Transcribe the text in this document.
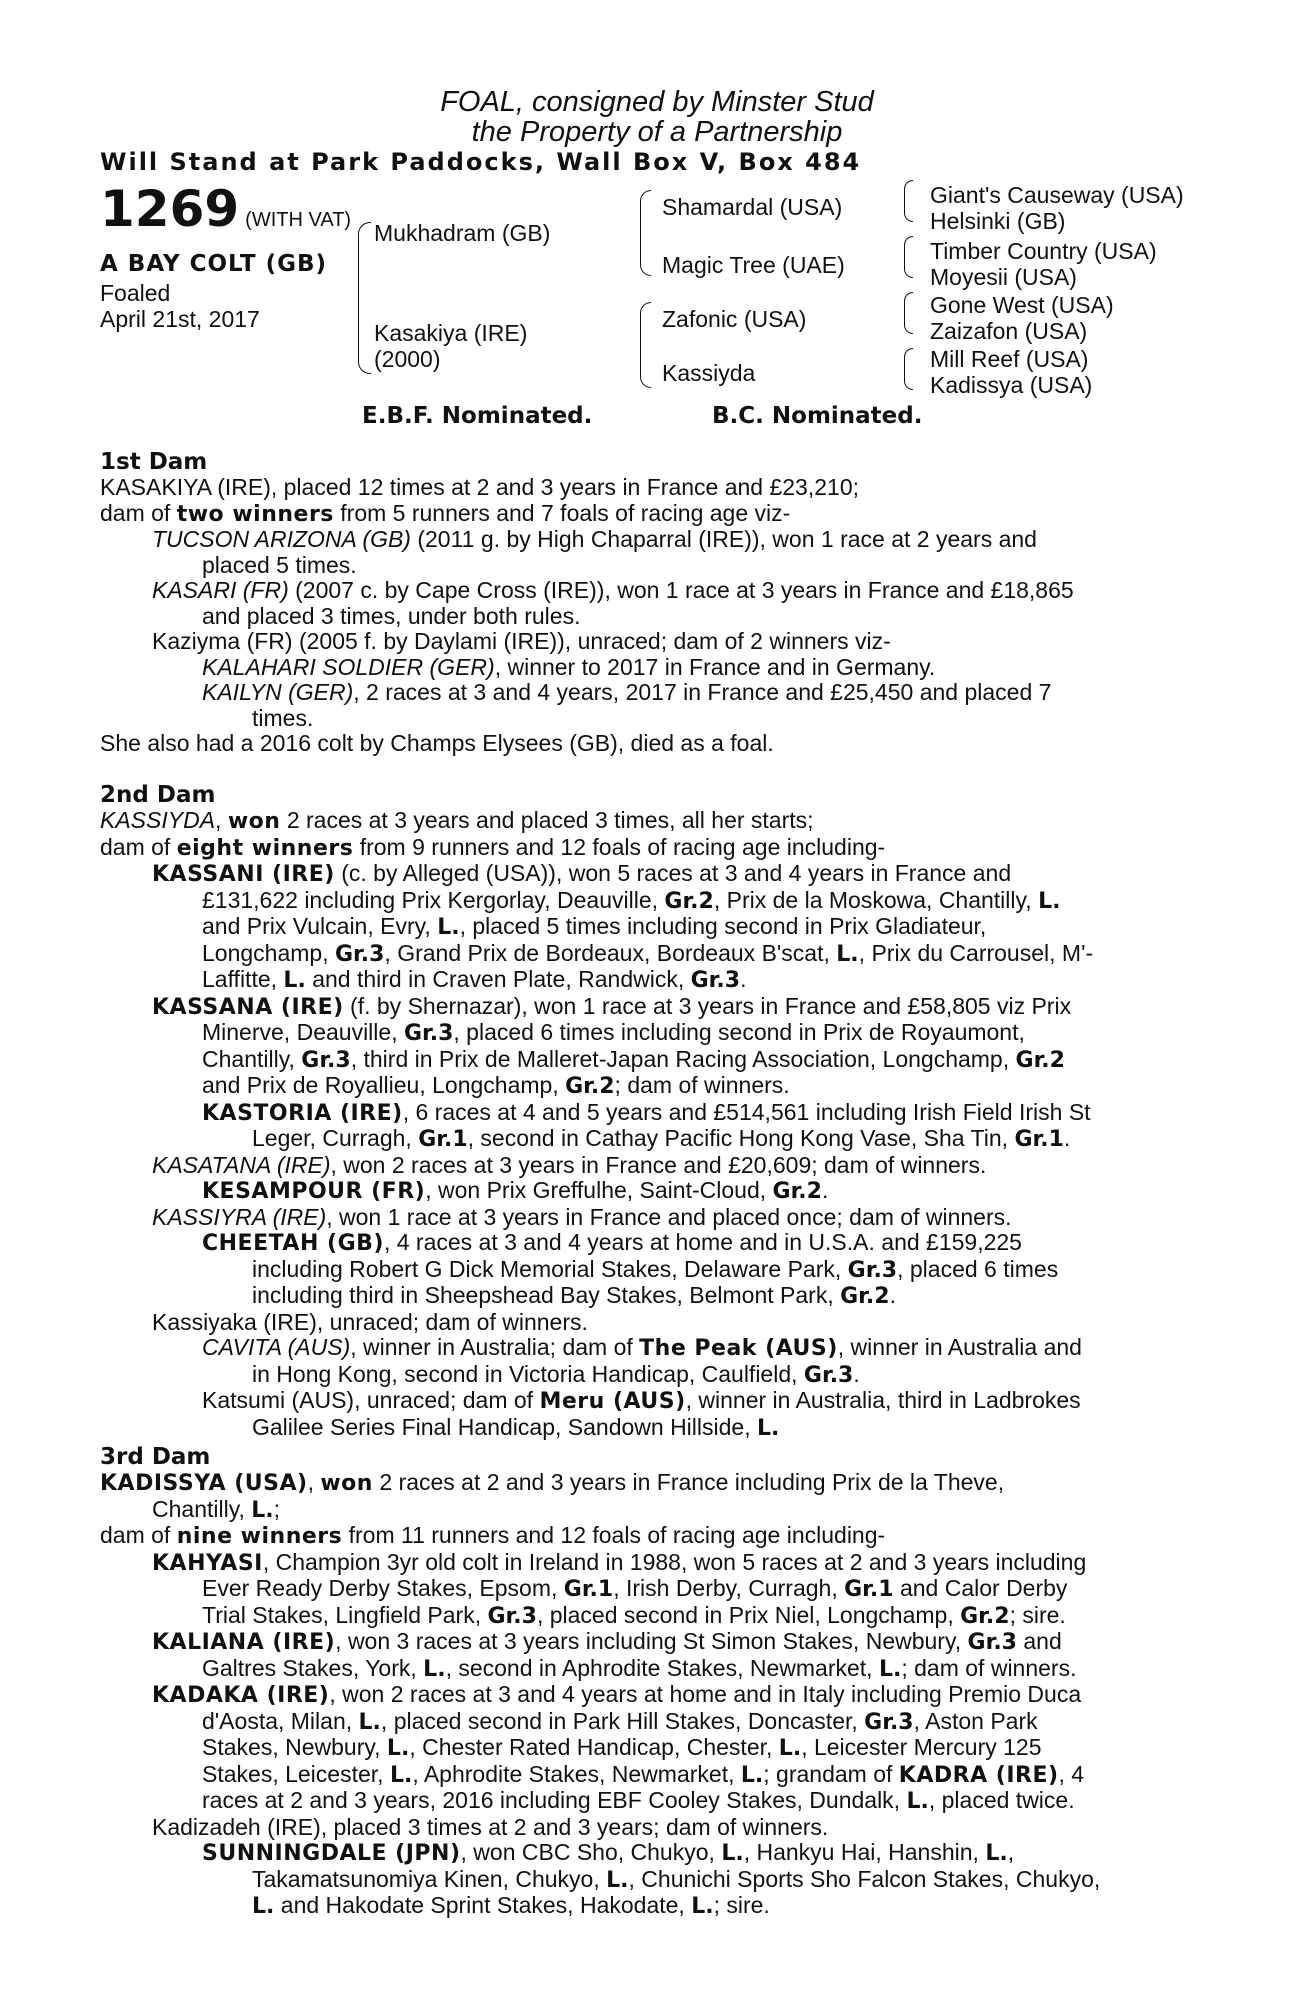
FOAL, consigned by Minster Stud
the Property of a Partnership
Will Stand at Park Paddocks, Wall Box V, Box 484
1269 (WITH VAT)
A BAY COLT (GB)
Foaled
April 21st, 2017
Mukhadram (GB)
Kasakiya (IRE)
(2000)
Shamardal (USA)
Magic Tree (UAE)
Zafonic (USA)
Kassiyda
Giant's Causeway (USA)
Helsinki (GB)
Timber Country (USA)
Moyesii (USA)
Gone West (USA)
Zaizafon (USA)
Mill Reef (USA)
Kadissya (USA)
E.B.F. Nominated.	B.C. Nominated.
1st Dam
KASAKIYA (IRE), placed 12 times at 2 and 3 years in France and £23,210;
dam of two winners from 5 runners and 7 foals of racing age viz-
TUCSON ARIZONA (GB) (2011 g. by High Chaparral (IRE)), won 1 race at 2 years and
placed 5 times.
KASARI (FR) (2007 c. by Cape Cross (IRE)), won 1 race at 3 years in France and £18,865
and placed 3 times, under both rules.
Kaziyma (FR) (2005 f. by Daylami (IRE)), unraced; dam of 2 winners viz-
KALAHARI SOLDIER (GER), winner to 2017 in France and in Germany.
KAILYN (GER), 2 races at 3 and 4 years, 2017 in France and £25,450 and placed 7
times.
She also had a 2016 colt by Champs Elysees (GB), died as a foal.
2nd Dam
KASSIYDA, won 2 races at 3 years and placed 3 times, all her starts;
dam of eight winners from 9 runners and 12 foals of racing age including-
KASSANI (IRE) (c. by Alleged (USA)), won 5 races at 3 and 4 years in France and
£131,622 including Prix Kergorlay, Deauville, Gr.2, Prix de la Moskowa, Chantilly, L.
and Prix Vulcain, Evry, L., placed 5 times including second in Prix Gladiateur,
Longchamp, Gr.3, Grand Prix de Bordeaux, Bordeaux B'scat, L., Prix du Carrousel, M'-
Laffitte, L. and third in Craven Plate, Randwick, Gr.3.
KASSANA (IRE) (f. by Shernazar), won 1 race at 3 years in France and £58,805 viz Prix
Minerve, Deauville, Gr.3, placed 6 times including second in Prix de Royaumont,
Chantilly, Gr.3, third in Prix de Malleret-Japan Racing Association, Longchamp, Gr.2
and Prix de Royallieu, Longchamp, Gr.2; dam of winners.
KASTORIA (IRE), 6 races at 4 and 5 years and £514,561 including Irish Field Irish St
Leger, Curragh, Gr.1, second in Cathay Pacific Hong Kong Vase, Sha Tin, Gr.1.
KASATANA (IRE), won 2 races at 3 years in France and £20,609; dam of winners.
KESAMPOUR (FR), won Prix Greffulhe, Saint-Cloud, Gr.2.
KASSIYRA (IRE), won 1 race at 3 years in France and placed once; dam of winners.
CHEETAH (GB), 4 races at 3 and 4 years at home and in U.S.A. and £159,225
including Robert G Dick Memorial Stakes, Delaware Park, Gr.3, placed 6 times
including third in Sheepshead Bay Stakes, Belmont Park, Gr.2.
Kassiyaka (IRE), unraced; dam of winners.
CAVITA (AUS), winner in Australia; dam of The Peak (AUS), winner in Australia and
in Hong Kong, second in Victoria Handicap, Caulfield, Gr.3.
Katsumi (AUS), unraced; dam of Meru (AUS), winner in Australia, third in Ladbrokes
Galilee Series Final Handicap, Sandown Hillside, L.
3rd Dam
KADISSYA (USA), won 2 races at 2 and 3 years in France including Prix de la Theve,
Chantilly, L.;
dam of nine winners from 11 runners and 12 foals of racing age including-
KAHYASI, Champion 3yr old colt in Ireland in 1988, won 5 races at 2 and 3 years including
Ever Ready Derby Stakes, Epsom, Gr.1, Irish Derby, Curragh, Gr.1 and Calor Derby
Trial Stakes, Lingfield Park, Gr.3, placed second in Prix Niel, Longchamp, Gr.2; sire.
KALIANA (IRE), won 3 races at 3 years including St Simon Stakes, Newbury, Gr.3 and
Galtres Stakes, York, L., second in Aphrodite Stakes, Newmarket, L.; dam of winners.
KADAKA (IRE), won 2 races at 3 and 4 years at home and in Italy including Premio Duca
d'Aosta, Milan, L., placed second in Park Hill Stakes, Doncaster, Gr.3, Aston Park
Stakes, Newbury, L., Chester Rated Handicap, Chester, L., Leicester Mercury 125
Stakes, Leicester, L., Aphrodite Stakes, Newmarket, L.; grandam of KADRA (IRE), 4
races at 2 and 3 years, 2016 including EBF Cooley Stakes, Dundalk, L., placed twice.
Kadizadeh (IRE), placed 3 times at 2 and 3 years; dam of winners.
SUNNINGDALE (JPN), won CBC Sho, Chukyo, L., Hankyu Hai, Hanshin, L.,
Takamatsunomiya Kinen, Chukyo, L., Chunichi Sports Sho Falcon Stakes, Chukyo,
L. and Hakodate Sprint Stakes, Hakodate, L.; sire.
